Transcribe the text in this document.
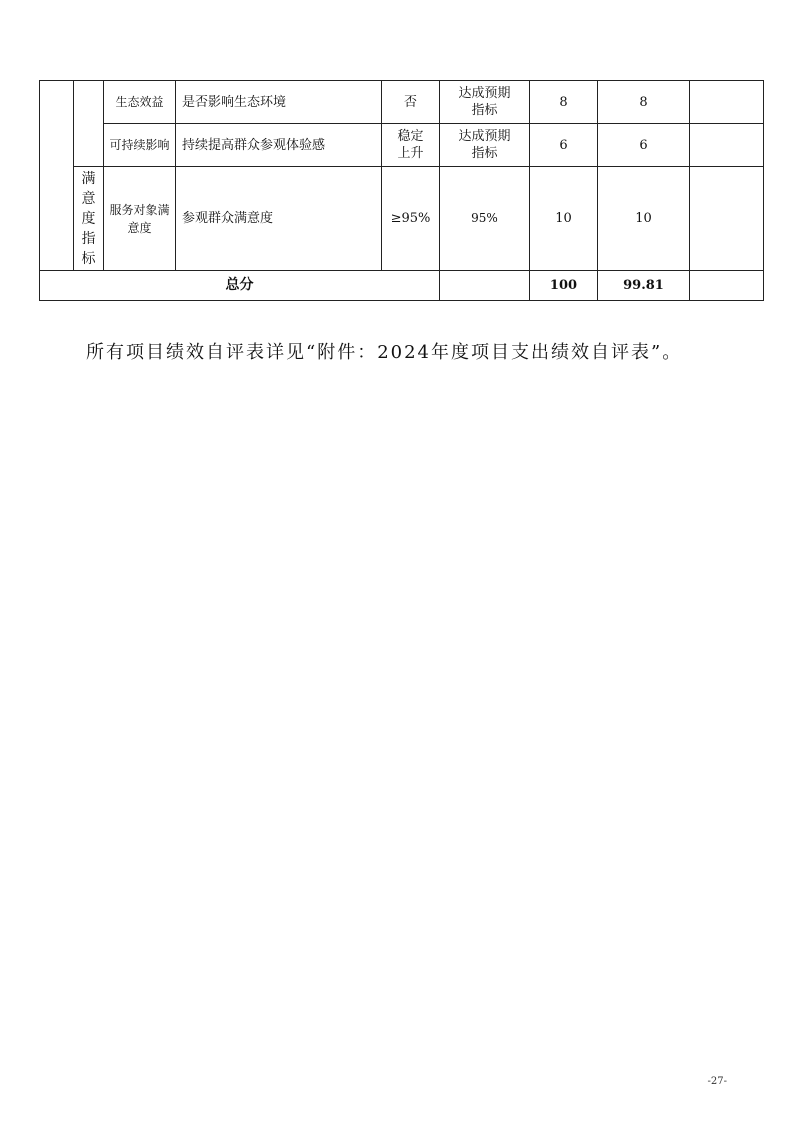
		生态效益	是否影响生态环境	否	达成预期指标	8	8	

		可持续影响	持续提高群众参观体验感	稳定上升	达成预期指标	6	6	

	满意度指标	服务对象满意度	参观群众满意度	≥95%	95%	10	10	
总分						100	99.81	

所有项目绩效自评表详见“附件：2024年度项目支出绩效自评表”。

-27-
